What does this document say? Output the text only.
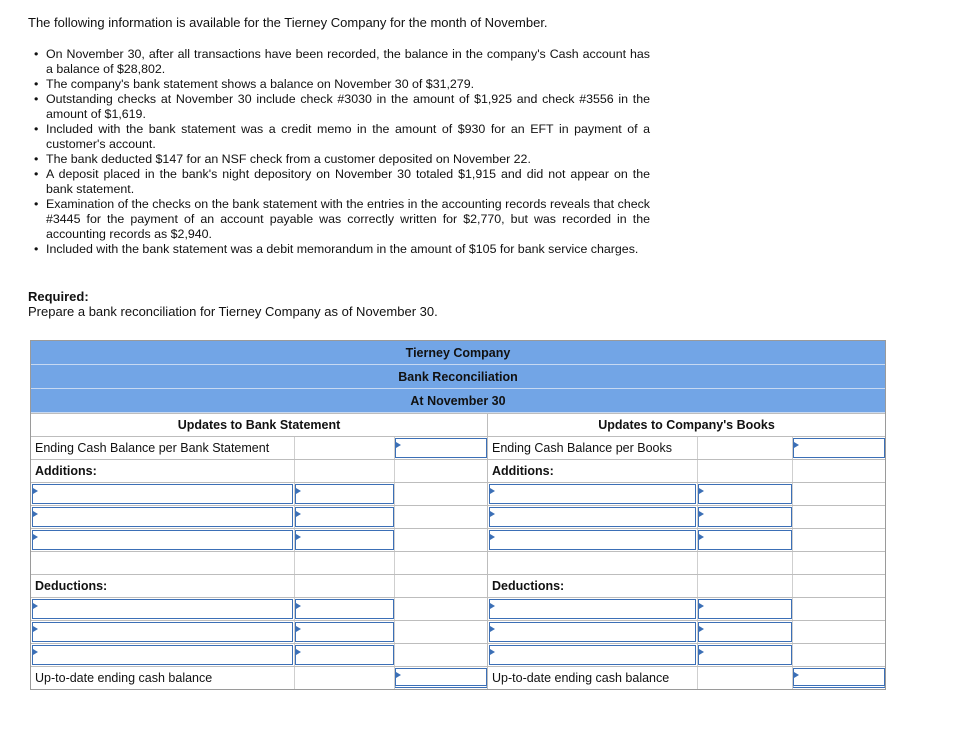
The following information is available for the Tierney Company for the month of November.
• On November 30, after all transactions have been recorded, the balance in the company's Cash account has a balance of $28,802.
• The company's bank statement shows a balance on November 30 of $31,279.
• Outstanding checks at November 30 include check #3030 in the amount of $1,925 and check #3556 in the amount of $1,619.
• Included with the bank statement was a credit memo in the amount of $930 for an EFT in payment of a customer's account.
• The bank deducted $147 for an NSF check from a customer deposited on November 22.
• A deposit placed in the bank's night depository on November 30 totaled $1,915 and did not appear on the bank statement.
• Examination of the checks on the bank statement with the entries in the accounting records reveals that check #3445 for the payment of an account payable was correctly written for $2,770, but was recorded in the accounting records as $2,940.
• Included with the bank statement was a debit memorandum in the amount of $105 for bank service charges.
Required:
Prepare a bank reconciliation for Tierney Company as of November 30.
Tierney Company
Bank Reconciliation
At November 30
Updates to Bank Statement	Updates to Company's Books
Ending Cash Balance per Bank Statement	Ending Cash Balance per Books
Additions:	Additions:
Deductions:	Deductions:
Up-to-date ending cash balance	Up-to-date ending cash balance
